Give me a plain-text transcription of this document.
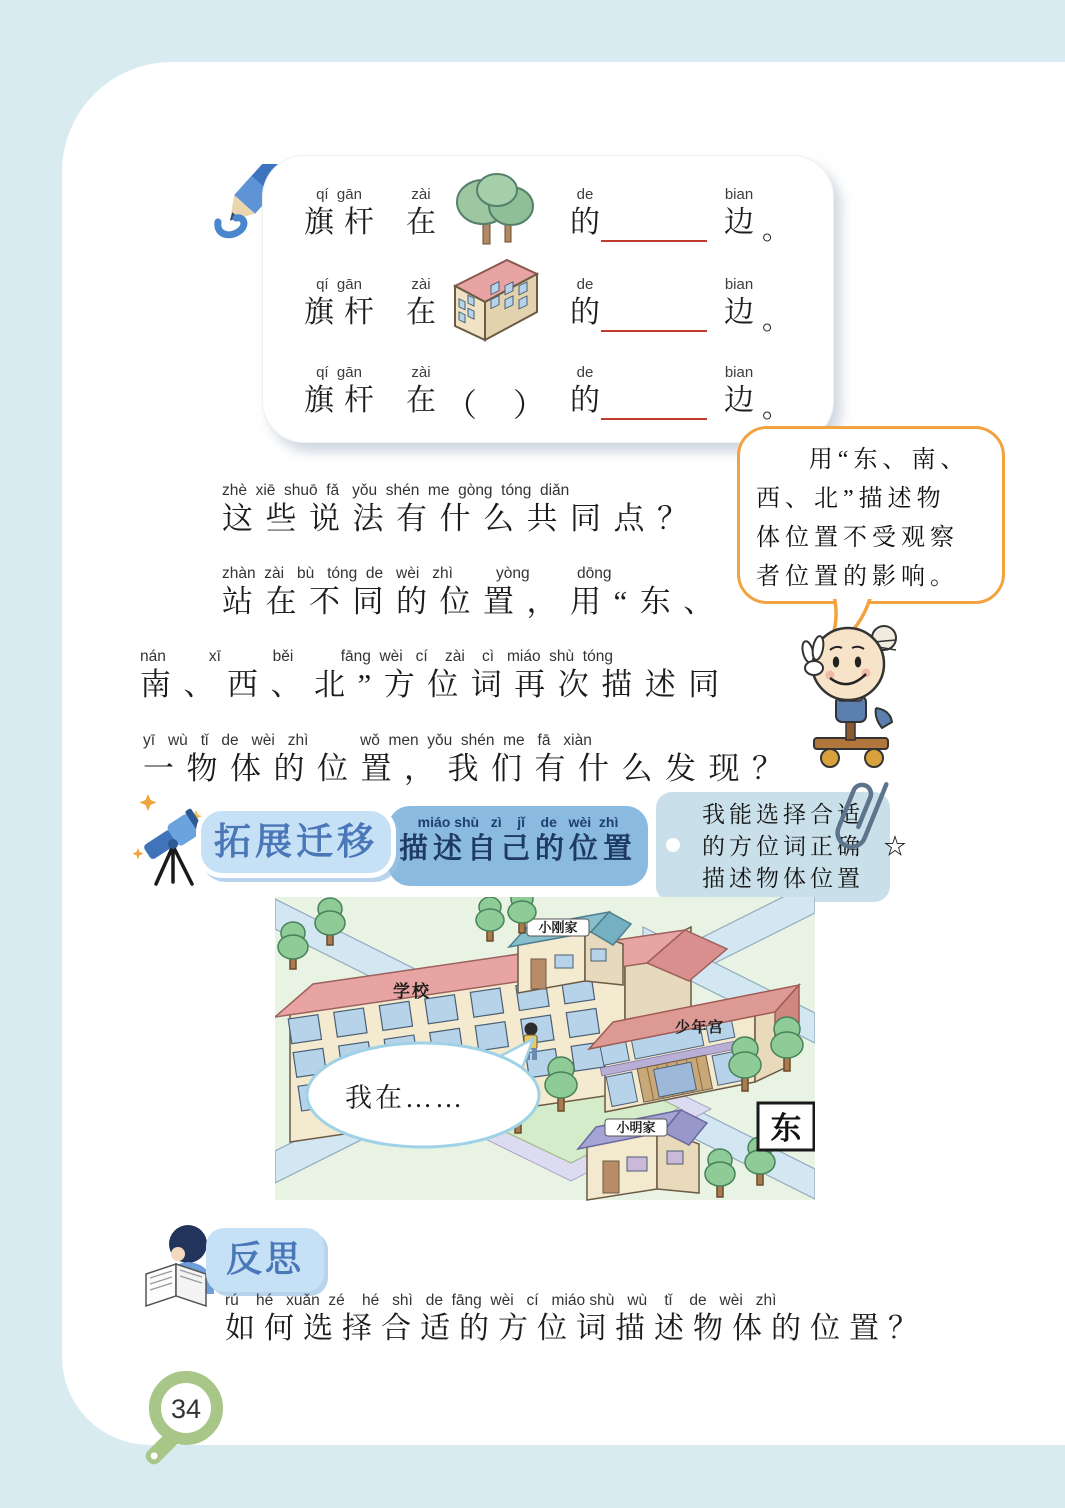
qí  gān
旗杆
zài
在
de
的
bian
边
。
qí  gān
旗杆
zài
在
de
的
bian
边
。
qí  gān
旗杆
zài
在 （ ）
de
的
bian
边
。
用“东、南、
西、北”描述物
体位置不受观察
者位置的影响。
zhè  xiē  shuō  fǎ   yǒu  shén  me  gòng  tóng  diǎn
这些说法有什么共同点？
zhàn  zài   bù   tóng  de   wèi   zhì          yòng           dōng
站在不同的位置，用“东、
nán          xī            běi           fāng  wèi   cí    zài    cì   miáo  shù  tóng
南、西、北”方位词再次描述同
yī   wù   tǐ   de   wèi   zhì            wǒ  men  yǒu  shén  me   fā   xiàn
一物体的位置，我们有什么发现？
miáo shù   zì    jǐ    de   wèi  zhì
描述自己的位置
拓展迁移
我能选择合适
的方位词正确  ☆
描述物体位置
学校
小刚家
少年宫
小明家
我在……
东
反思
rú    hé   xuǎn  zé    hé   shì   de  fāng  wèi   cí   miáo shù   wù    tǐ    de   wèi   zhì
如何选择合适的方位词描述物体的位置？
34
